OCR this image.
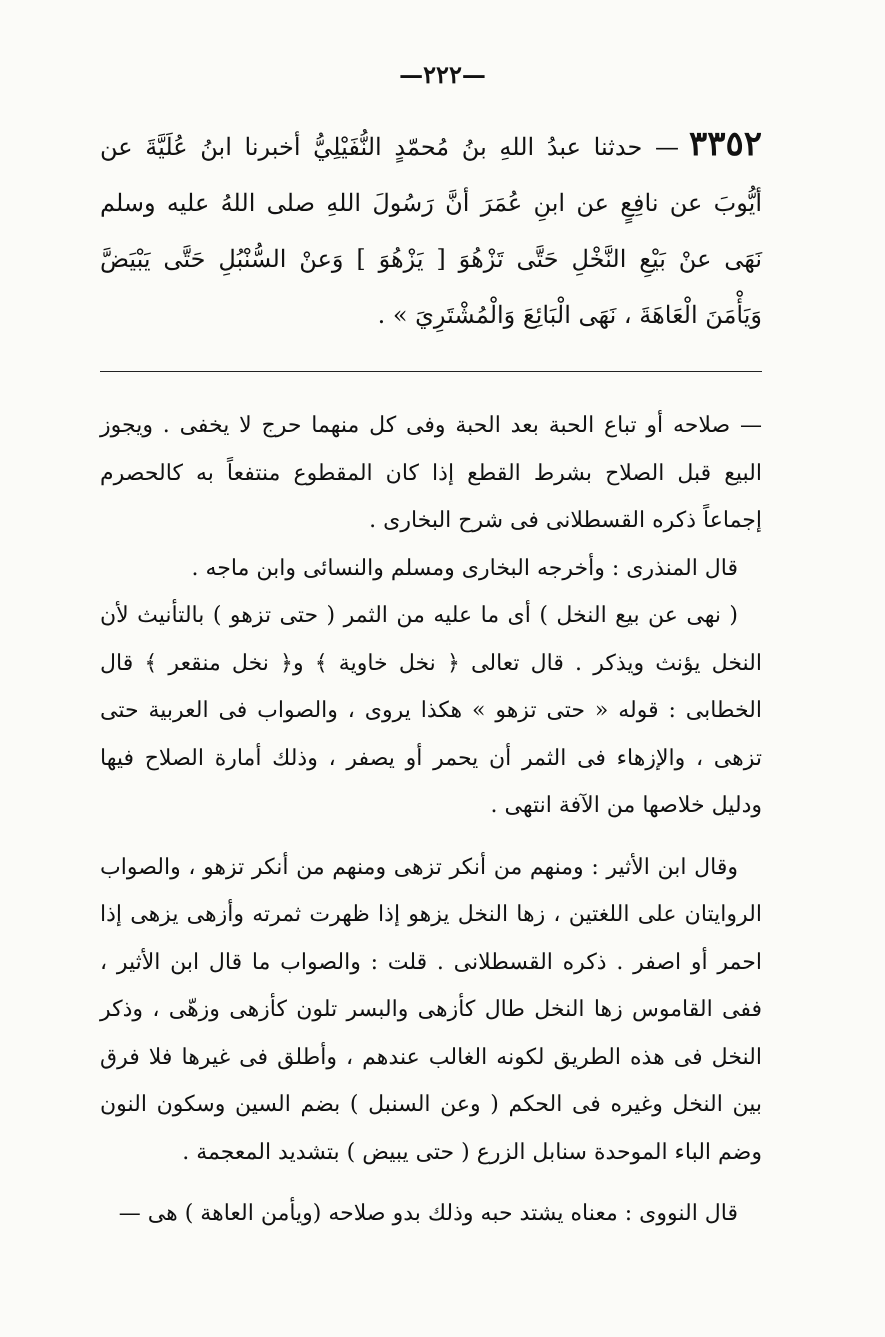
—٢٢٢—
٣٣٥٢— حدثنا عبدُ اللهِ بنُ مُحمّدٍ النُّفَيْلِيُّ أخبرنا ابنُ عُلَيَّةَ عن أيُّوبَ عن نافِعٍ عن ابنِ عُمَرَ أنَّ رَسُولَ اللهِ صلى اللهُ عليه وسلم نَهَى عنْ بَيْعِ النَّخْلِ حَتَّى تَزْهُوَ [ يَزْهُوَ ] وَعنْ السُّنْبُلِ حَتَّى يَبْيَضَّ وَيَأْمَنَ الْعَاهَةَ ، نَهَى الْبَائِعَ وَالْمُشْتَرِيَ » .

— صلاحه أو تباع الحبة بعد الحبة وفى كل منهما حرج لا يخفى . ويجوز البيع قبل الصلاح بشرط القطع إذا كان المقطوع منتفعاً به كالحصرم إجماعاً ذكره القسطلانى فى شرح البخارى .

قال المنذرى : وأخرجه البخارى ومسلم والنسائى وابن ماجه .

( نهى عن بيع النخل ) أى ما عليه من الثمر ( حتى تزهو ) بالتأنيث لأن النخل يؤنث ويذكر . قال تعالى ﴿ نخل خاوية ﴾ و﴿ نخل منقعر ﴾ قال الخطابى : قوله « حتى تزهو » هكذا يروى ، والصواب فى العربية حتى تزهى ، والإزهاء فى الثمر أن يحمر أو يصفر ، وذلك أمارة الصلاح فيها ودليل خلاصها من الآفة انتهى .

وقال ابن الأثير : ومنهم من أنكر تزهى ومنهم من أنكر تزهو ، والصواب الروايتان على اللغتين ، زها النخل يزهو إذا ظهرت ثمرته وأزهى يزهى إذا احمر أو اصفر . ذكره القسطلانى . قلت : والصواب ما قال ابن الأثير ، ففى القاموس زها النخل طال كأزهى والبسر تلون كأزهى وزهّى ، وذكر النخل فى هذه الطريق لكونه الغالب عندهم ، وأطلق فى غيرها فلا فرق بين النخل وغيره فى الحكم ( وعن السنبل ) بضم السين وسكون النون وضم الباء الموحدة سنابل الزرع ( حتى يبيض ) بتشديد المعجمة .

قال النووى : معناه يشتد حبه وذلك بدو صلاحه (ويأمن العاهة ) هى —
